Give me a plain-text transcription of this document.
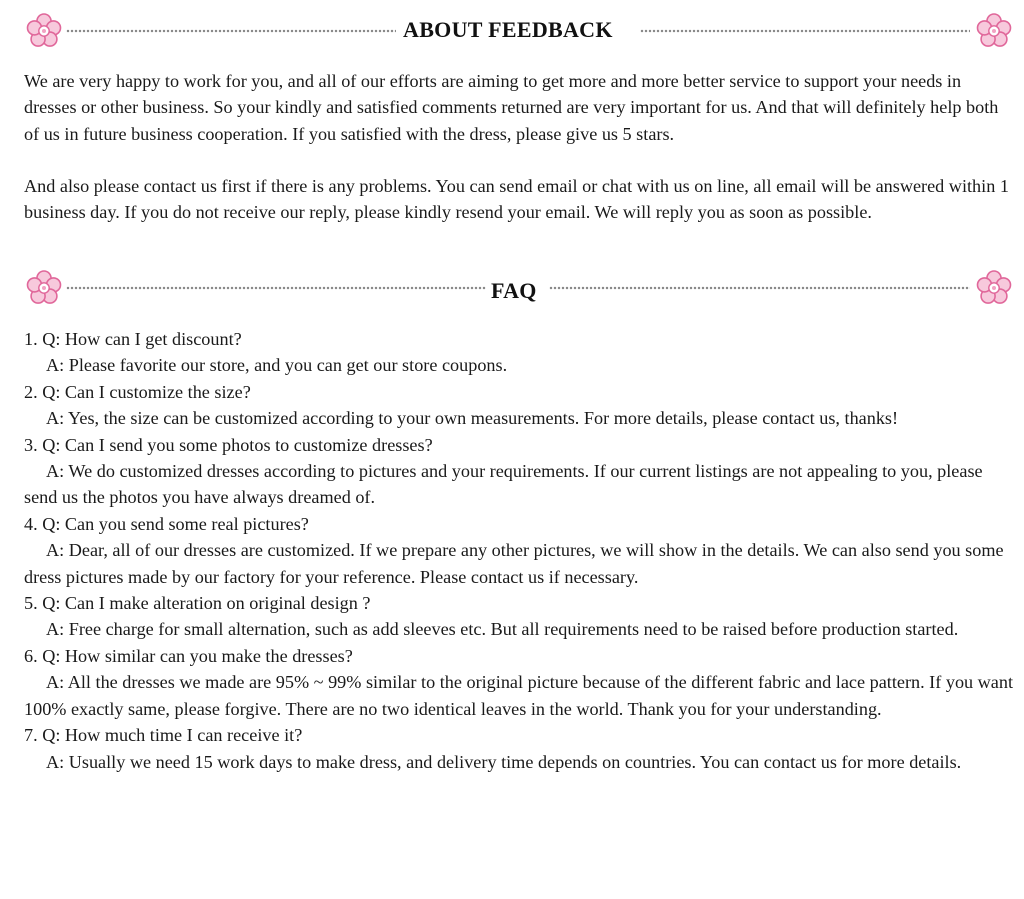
ABOUT FEEDBACK

We are very happy to work for you, and all of our efforts are aiming to get more and more better service to support your needs in dresses or other business. So your kindly and satisfied comments returned are very important for us. And that will definitely help both of us in future business cooperation. If you satisfied with the dress, please give us 5 stars.

And also please contact us first if there is any problems. You can send email or chat with us on line, all email will be answered within 1 business day. If you do not receive our reply, please kindly resend your email. We will reply you as soon as possible.

FAQ
1. Q: How can I get discount?
A: Please favorite our store, and you can get our store coupons.
2. Q: Can I customize the size?
A: Yes, the size can be customized according to your own measurements. For more details, please contact us, thanks!
3. Q: Can I send you some photos to customize dresses?
A: We do customized dresses according to pictures and your requirements. If our current listings are not appealing to you, please send us the photos you have always dreamed of.
4. Q: Can you send some real pictures?
A: Dear, all of our dresses are customized. If we prepare any other pictures, we will show in the details. We can also send you some dress pictures made by our factory for your reference. Please contact us if necessary.
5. Q: Can I make alteration on original design ?
A: Free charge for small alternation, such as add sleeves etc. But all requirements need to be raised before production started.
6. Q: How similar can you make the dresses?
A: All the dresses we made are 95% ~ 99% similar to the original picture because of the different fabric and lace pattern. If you want 100% exactly same, please forgive. There are no two identical leaves in the world. Thank you for your understanding.
7. Q: How much time I can receive it?
A: Usually we need 15 work days to make dress, and delivery time depends on countries. You can contact us for more details.
